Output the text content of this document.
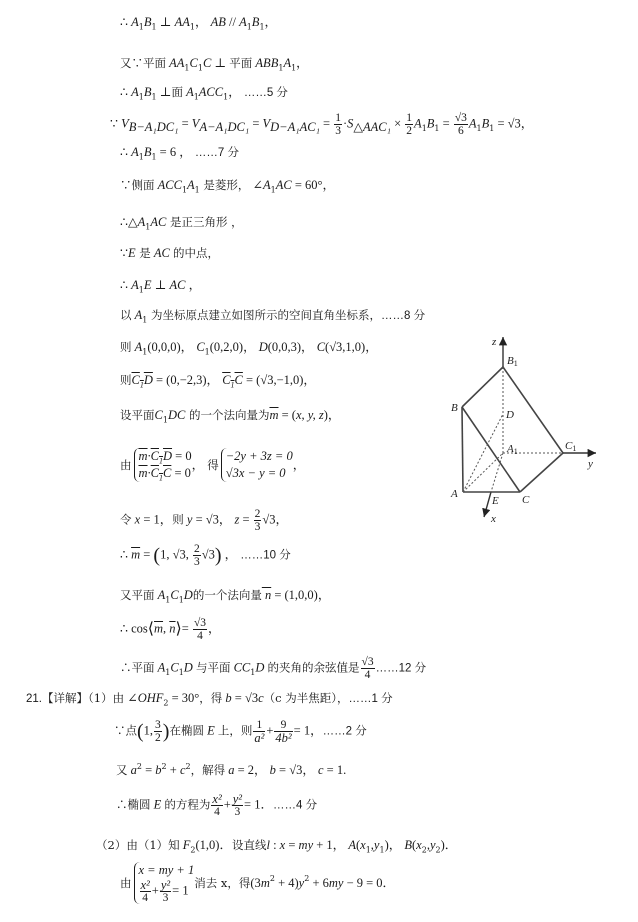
∴ $A_1B_1$ ⊥ $AA_1$， AB // $A_1B_1$，
又∵平面 $AA_1C_1C$ ⊥ 平面 $ABB_1A_1$，
∴ $A_1B_1$ ⊥面 $A_1ACC_1$， ……5 分
∵ $V_{B-A_1DC_1} = V_{A-A_1DC_1} = V_{D-A_1AC_1} = \frac{1}{3} \cdot S_{\triangle AAC_1} \times \frac{1}{2} A_1B_1 = \frac{√3}{6} A_1B_1 = √3$，
∴ $A_1B_1 = 6$ ， ……7 分
∵侧面 $ACC_1A_1$ 是菱形， $\angle A_1AC = 60^\circ$，
$\therefore\triangle A_1AC$ 是正三角形 ，
∵E 是 AC 的中点，
∴ $A_1E$ ⊥ AC ，
以 $A_1$ 为坐标原点建立如图所示的空间直角坐标系，……8 分
则 $A_1(0,0,0)$， $C_1(0,2,0)$， D(0,0,3)， C(√3,1,0)，
则$C_1D = (0,-2,3)$， $C_1C = (√3,-1,0)$，
设平面$C_1DC$ 的一个法向量为$\overline{m} = (x$, y, z)，
由
$\overline{m}\cdot C_1D = 0$
$\overline{m}\cdot C_1C = 0$
， 得
−2y + 3z = 0
√3x − y = 0
，
令 x = 1，则 y = √3， $z = \frac{2}{3} √3$，
∴ $\overline{m} = (1$, √3, $\frac{2}{3} √3$) ， ……10 分
又平面 $A_1C_1D$的一个法向量 n = (1,0,0)，
∴ $\cos⟨\overline{m}$, $\overline{n}⟩= \frac{√3}{4}$ ，
∴平面 $A_1C_1D$ 与平面 $CC_1D$ 的夹角的余弦值是 $\frac{√3}{4}$ ……12 分
21.【详解】（1）由 $\angle OHF_2 = 30^\circ$，得 b = √3c（c 为半焦距），……1 分
∵点(1, $\frac{3}{2}$ )在椭圆 E 上，则 $\frac{1}{\text{a²}} + \frac{9}{\text{4b²}} = 1$，……2 分
又 $a^2 = b^2 + c^2$，解得 a = 2， b = √3， c = 1.
∴椭圆 E 的方程为 $\frac{\text{x²}}{4} + \frac{\text{y²}}{3} = 1$．……4 分
（2）由（1）知 $F_2(1,0)$．设直线l : x = my + 1， $A(x_1,y_1)$， $B(x_2,y_2)$．
由
x = my + 1
$\frac{\text{x²}}{4} + \frac{\text{y²}}{3} = 1$
消去 x，得$(3m^2 + 4)y^2 + 6my - 9 = 0$．
z
B1
B
D
A1	C1
y
A
E C
x
